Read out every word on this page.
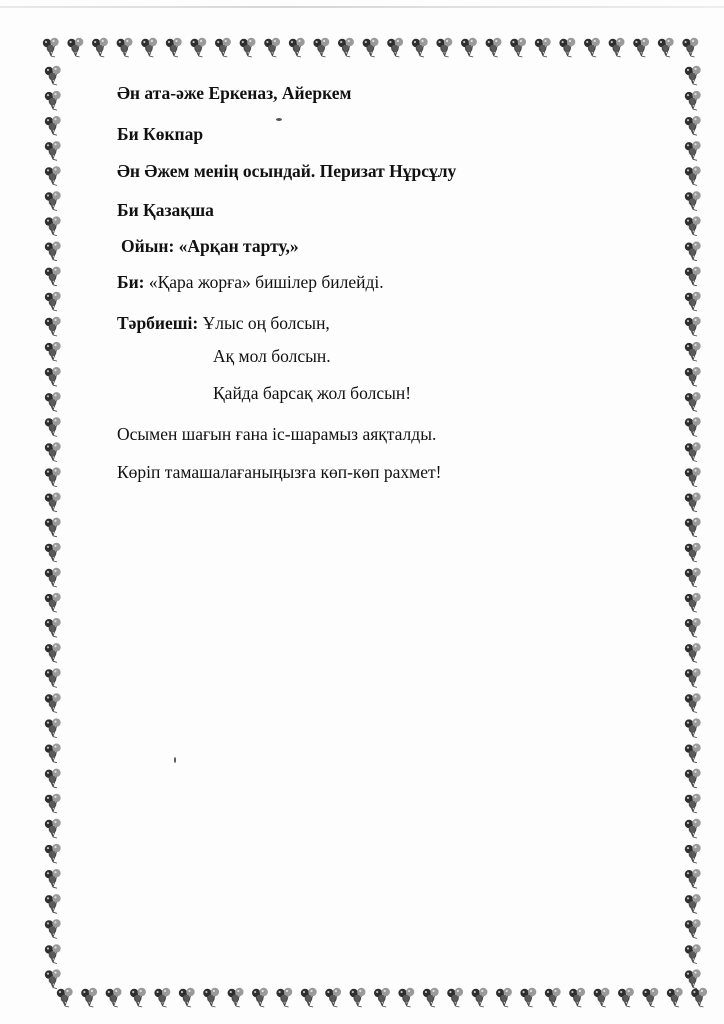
Ән ата-әже Еркеназ, Айеркем
Би Көкпар
Ән Әжем менің осындай. Перизат Нұрсұлу
Би Қазақша
Ойын: «Арқан тарту,»
Би: «Қара жорға» бишілер билейді.
Тәрбиеші: Ұлыс оң болсын,
Ақ мол болсын.
Қайда барсақ жол болсын!
Осымен шағын ғана іс-шарамыз аяқталды.
Көріп тамашалағаныңызға көп-көп рахмет!
